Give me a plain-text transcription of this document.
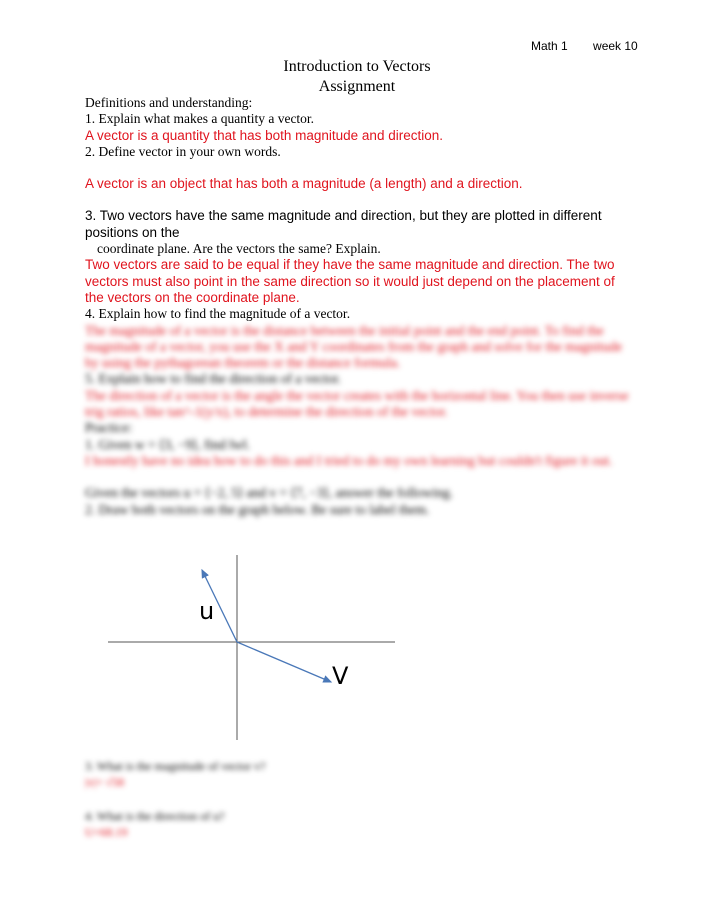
Math 1 week 10
Introduction to Vectors
Assignment

Definitions and understanding:

1. Explain what makes a quantity a vector.

A vector is a quantity that has both magnitude and direction.

2. Define vector in your own words.

A vector is an object that has both a magnitude (a length) and a direction.

3. Two vectors have the same magnitude and direction, but they are plotted in different positions on the

coordinate plane. Are the vectors the same? Explain.

Two vectors are said to be equal if they have the same magnitude and direction. The two vectors must also point in the same direction so it would just depend on the placement of the vectors on the coordinate plane.

4. Explain how to find the magnitude of a vector.

The magnitude of a vector is the distance between the initial point and the end point. To find the magnitude of a vector, you use the X and Y coordinates from the graph and solve for the magnitude by using the pythagorean theorem or the distance formula.

5. Explain how to find the direction of a vector.

The direction of a vector is the angle the vector creates with the horizontal line. You then use inverse trig ratios, like tan^-1(y/x), to determine the direction of the vector.

Practice:

1. Given w = ⟨3, −9⟩, find ‖w‖.

I honestly have no idea how to do this and I tried to do my own learning but couldn't figure it out.

Given the vectors u = ⟨−2, 5⟩ and v = ⟨7, −3⟩, answer the following.

2. Draw both vectors on the graph below. Be sure to label them.

u
V

3. What is the magnitude of vector v?

|v|= √58

4. What is the direction of u?

U=68.19
